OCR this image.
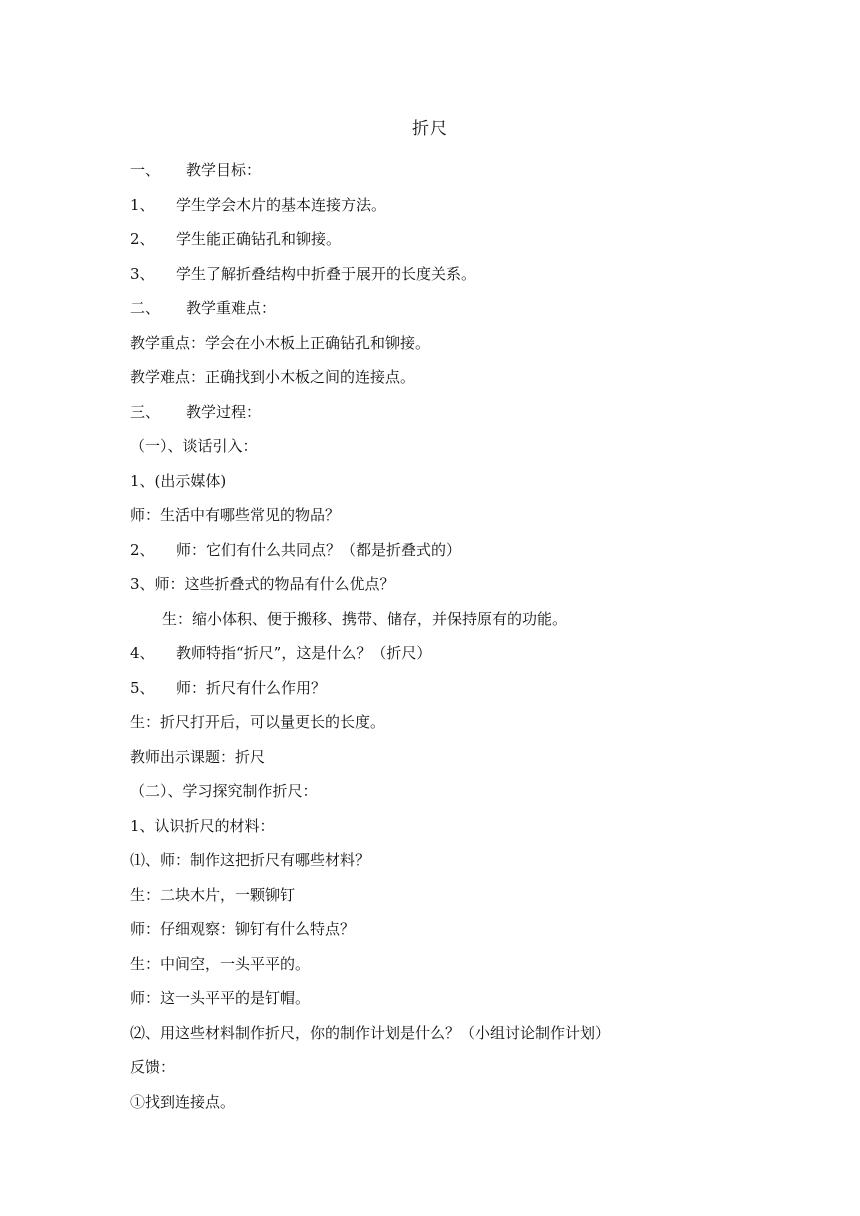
折尺
一、 教学目标：
1、 学生学会木片的基本连接方法。
2、 学生能正确钻孔和铆接。
3、 学生了解折叠结构中折叠于展开的长度关系。
二、 教学重难点：
教学重点：学会在小木板上正确钻孔和铆接。
教学难点：正确找到小木板之间的连接点。
三、 教学过程：
（一）、谈话引入：
1、(出示媒体)
师：生活中有哪些常见的物品？
2、 师：它们有什么共同点？（都是折叠式的）
3、师：这些折叠式的物品有什么优点？
生：缩小体积、便于搬移、携带、储存，并保持原有的功能。
4、 教师特指“折尺”，这是什么？（折尺）
5、 师：折尺有什么作用？
生：折尺打开后，可以量更长的长度。
教师出示课题：折尺
（二）、学习探究制作折尺：
1、认识折尺的材料：
⑴、师：制作这把折尺有哪些材料？
生：二块木片，一颗铆钉
师：仔细观察：铆钉有什么特点？
生：中间空，一头平平的。
师：这一头平平的是钉帽。
⑵、用这些材料制作折尺，你的制作计划是什么？（小组讨论制作计划）
反馈：
①找到连接点。
